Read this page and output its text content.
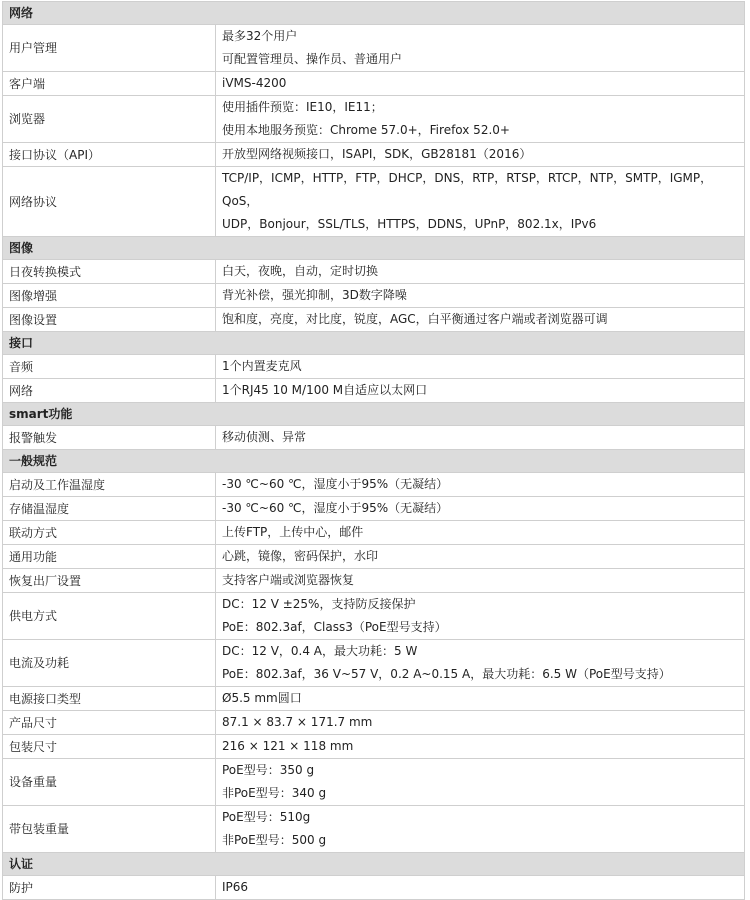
网络	
用户管理	最多32个用户
可配置管理员、操作员、普通用户

客户端	iVMS-4200

浏览器	使用插件预览：IE10，IE11；
使用本地服务预览：Chrome 57.0+，Firefox 52.0+

接口协议（API）	开放型网络视频接口，ISAPI，SDK，GB28181（2016）

网络协议	TCP/IP，ICMP，HTTP，FTP，DHCP，DNS，RTP，RTSP，RTCP，NTP，SMTP，IGMP，QoS，
UDP，Bonjour，SSL/TLS，HTTPS，DDNS，UPnP，802.1x，IPv6

图像	
日夜转换模式	白天，夜晚，自动，定时切换

图像增强	背光补偿，强光抑制，3D数字降噪

图像设置	饱和度，亮度，对比度，锐度，AGC，白平衡通过客户端或者浏览器可调

接口	
音频	1个内置麦克风

网络	1个RJ45 10 M/100 M自适应以太网口

smart功能	
报警触发	移动侦测、异常

一般规范	
启动及工作温湿度	-30 ℃~60 ℃，湿度小于95%（无凝结）

存储温湿度	-30 ℃~60 ℃，湿度小于95%（无凝结）

联动方式	上传FTP，上传中心，邮件

通用功能	心跳，镜像，密码保护，水印

恢复出厂设置	支持客户端或浏览器恢复

供电方式	DC：12 V ±25%，支持防反接保护
PoE：802.3af，Class3（PoE型号支持）

电流及功耗	DC：12 V，0.4 A，最大功耗：5 W
PoE：802.3af，36 V~57 V，0.2 A~0.15 A，最大功耗：6.5 W（PoE型号支持）

电源接口类型	Ø5.5 mm圆口

产品尺寸	87.1 × 83.7 × 171.7 mm

包装尺寸	216 × 121 × 118 mm

设备重量	PoE型号：350 g
非PoE型号：340 g

带包装重量	PoE型号：510g
非PoE型号：500 g

认证	
防护	IP66
